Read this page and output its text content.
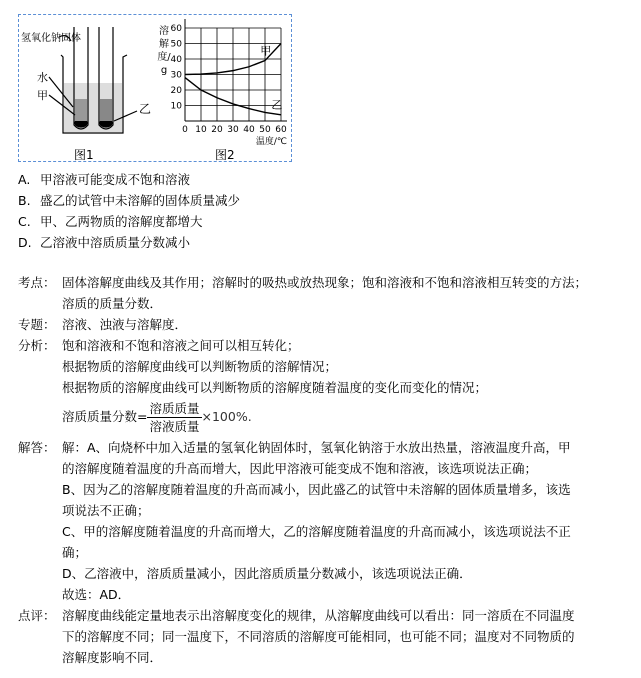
氢氧化钠固体
水
甲
乙
0 10 20 30 40 50 60
10
20
30
40
50
60
温度/℃
甲
乙
溶解度/g
图1	图2
A. 甲溶液可能变成不饱和溶液
B. 盛乙的试管中未溶解的固体质量减少
C. 甲、乙两物质的溶解度都增大
D. 乙溶液中溶质质量分数减小
考点： 固体溶解度曲线及其作用；溶解时的吸热或放热现象；饱和溶液和不饱和溶液相互转变的方法；
溶质的质量分数．
专题： 溶液、浊液与溶解度．
分析： 饱和溶液和不饱和溶液之间可以相互转化；
根据物质的溶解度曲线可以判断物质的溶解情况；
根据物质的溶解度曲线可以判断物质的溶解度随着温度的变化而变化的情况；
溶质质量分数= $\frac{\text{溶质质量}}{\text{溶液质量}}\times 100\%$.
解答： 解：A、向烧杯中加入适量的氢氧化钠固体时，氢氧化钠溶于水放出热量，溶液温度升高，甲
的溶解度随着温度的升高而增大，因此甲溶液可能变成不饱和溶液，该选项说法正确；
B、因为乙的溶解度随着温度的升高而减小，因此盛乙的试管中未溶解的固体质量增多，该选
项说法不正确；
C、甲的溶解度随着温度的升高而增大，乙的溶解度随着温度的升高而减小，该选项说法不正
确；
D、乙溶液中，溶质质量减小，因此溶质质量分数减小，该选项说法正确．
故选：AD．
点评： 溶解度曲线能定量地表示出溶解度变化的规律，从溶解度曲线可以看出：同一溶质在不同温度
下的溶解度不同；同一温度下，不同溶质的溶解度可能相同，也可能不同；温度对不同物质的
溶解度影响不同．
